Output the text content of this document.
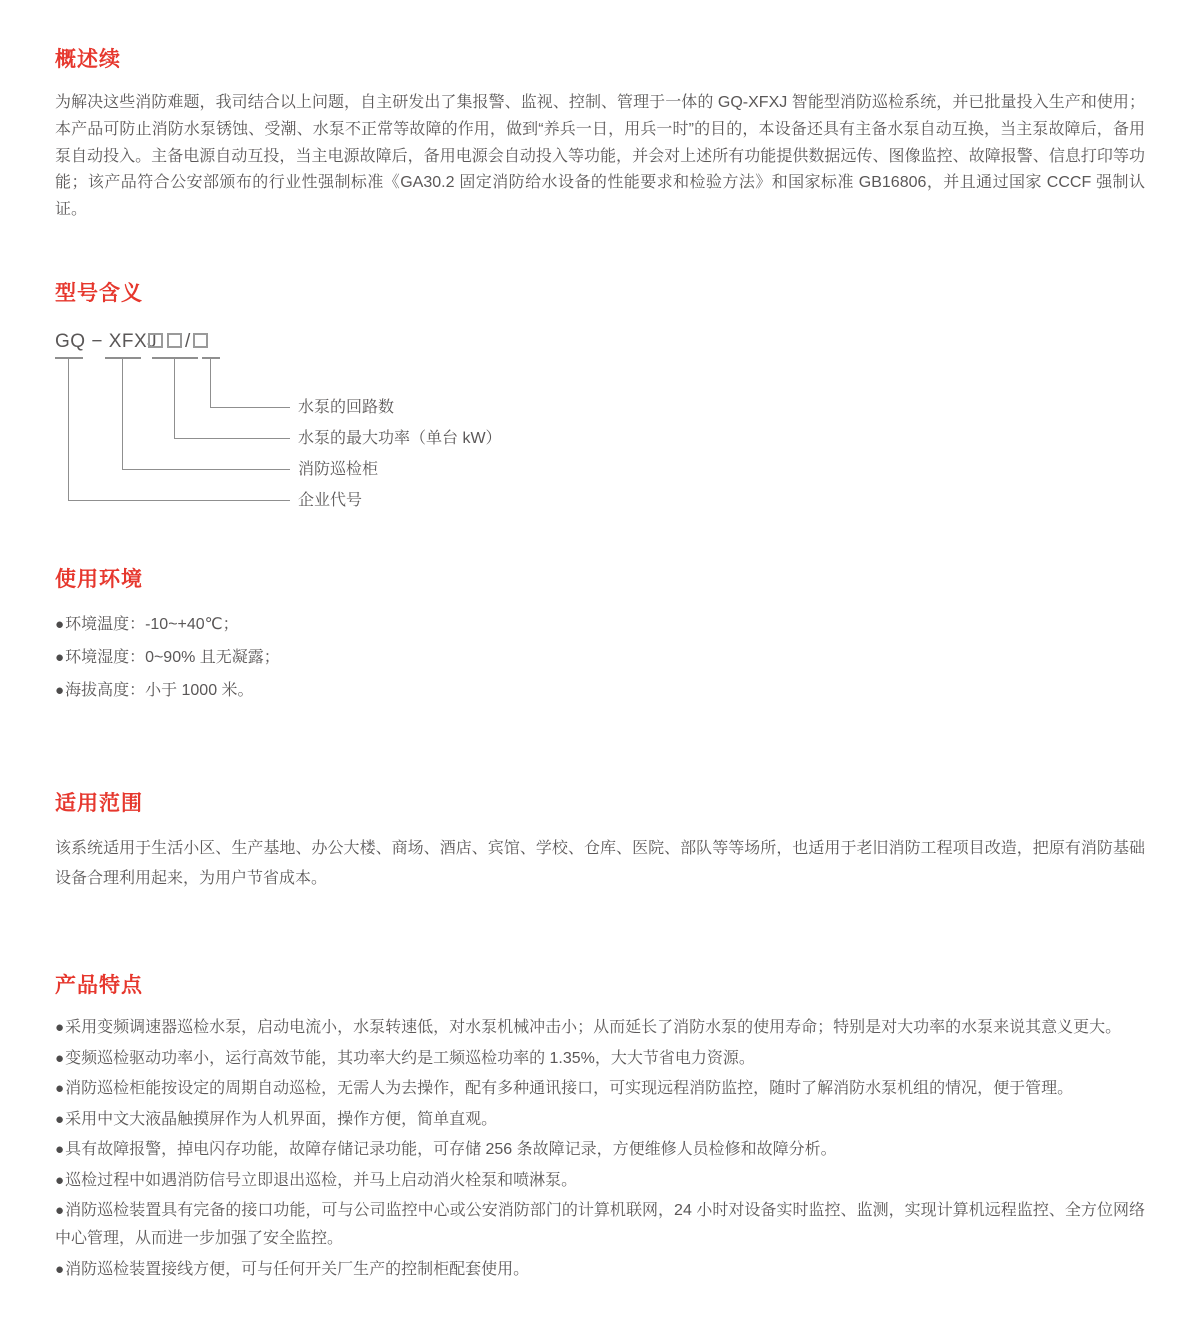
概述续
为解决这些消防难题，我司结合以上问题，自主研发出了集报警、监视、控制、管理于一体的 GQ-XFXJ 智能型消防巡检系统，并已批量投入生产和使用；本产品可防止消防水泵锈蚀、受潮、水泵不正常等故障的作用，做到“养兵一日，用兵一时”的目的，本设备还具有主备水泵自动互换，当主泵故障后，备用泵自动投入。主备电源自动互投，当主电源故障后，备用电源会自动投入等功能，并会对上述所有功能提供数据远传、图像监控、故障报警、信息打印等功能；该产品符合公安部颁布的行业性强制标准《GA30.2 固定消防给水设备的性能要求和检验方法》和国家标准 GB16806，并且通过国家 CCCF 强制认证。
型号含义
GQ − XFXJ /
水泵的回路数
水泵的最大功率（单台 kW）
消防巡检柜
企业代号
使用环境
●环境温度：-10~+40℃；
●环境湿度：0~90% 且无凝露；
●海拔高度：小于 1000 米。
适用范围
该系统适用于生活小区、生产基地、办公大楼、商场、酒店、宾馆、学校、仓库、医院、部队等等场所，也适用于老旧消防工程项目改造，把原有消防基础设备合理利用起来，为用户节省成本。
产品特点
●采用变频调速器巡检水泵，启动电流小，水泵转速低，对水泵机械冲击小；从而延长了消防水泵的使用寿命；特别是对大功率的水泵来说其意义更大。
●变频巡检驱动功率小，运行高效节能，其功率大约是工频巡检功率的 1.35%，大大节省电力资源。
●消防巡检柜能按设定的周期自动巡检，无需人为去操作，配有多种通讯接口，可实现远程消防监控，随时了解消防水泵机组的情况，便于管理。
●采用中文大液晶触摸屏作为人机界面，操作方便，简单直观。
●具有故障报警，掉电闪存功能，故障存储记录功能，可存储 256 条故障记录，方便维修人员检修和故障分析。
●巡检过程中如遇消防信号立即退出巡检，并马上启动消火栓泵和喷淋泵。
●消防巡检装置具有完备的接口功能，可与公司监控中心或公安消防部门的计算机联网，24 小时对设备实时监控、监测，实现计算机远程监控、全方位网络中心管理，从而进一步加强了安全监控。
●消防巡检装置接线方便，可与任何开关厂生产的控制柜配套使用。
